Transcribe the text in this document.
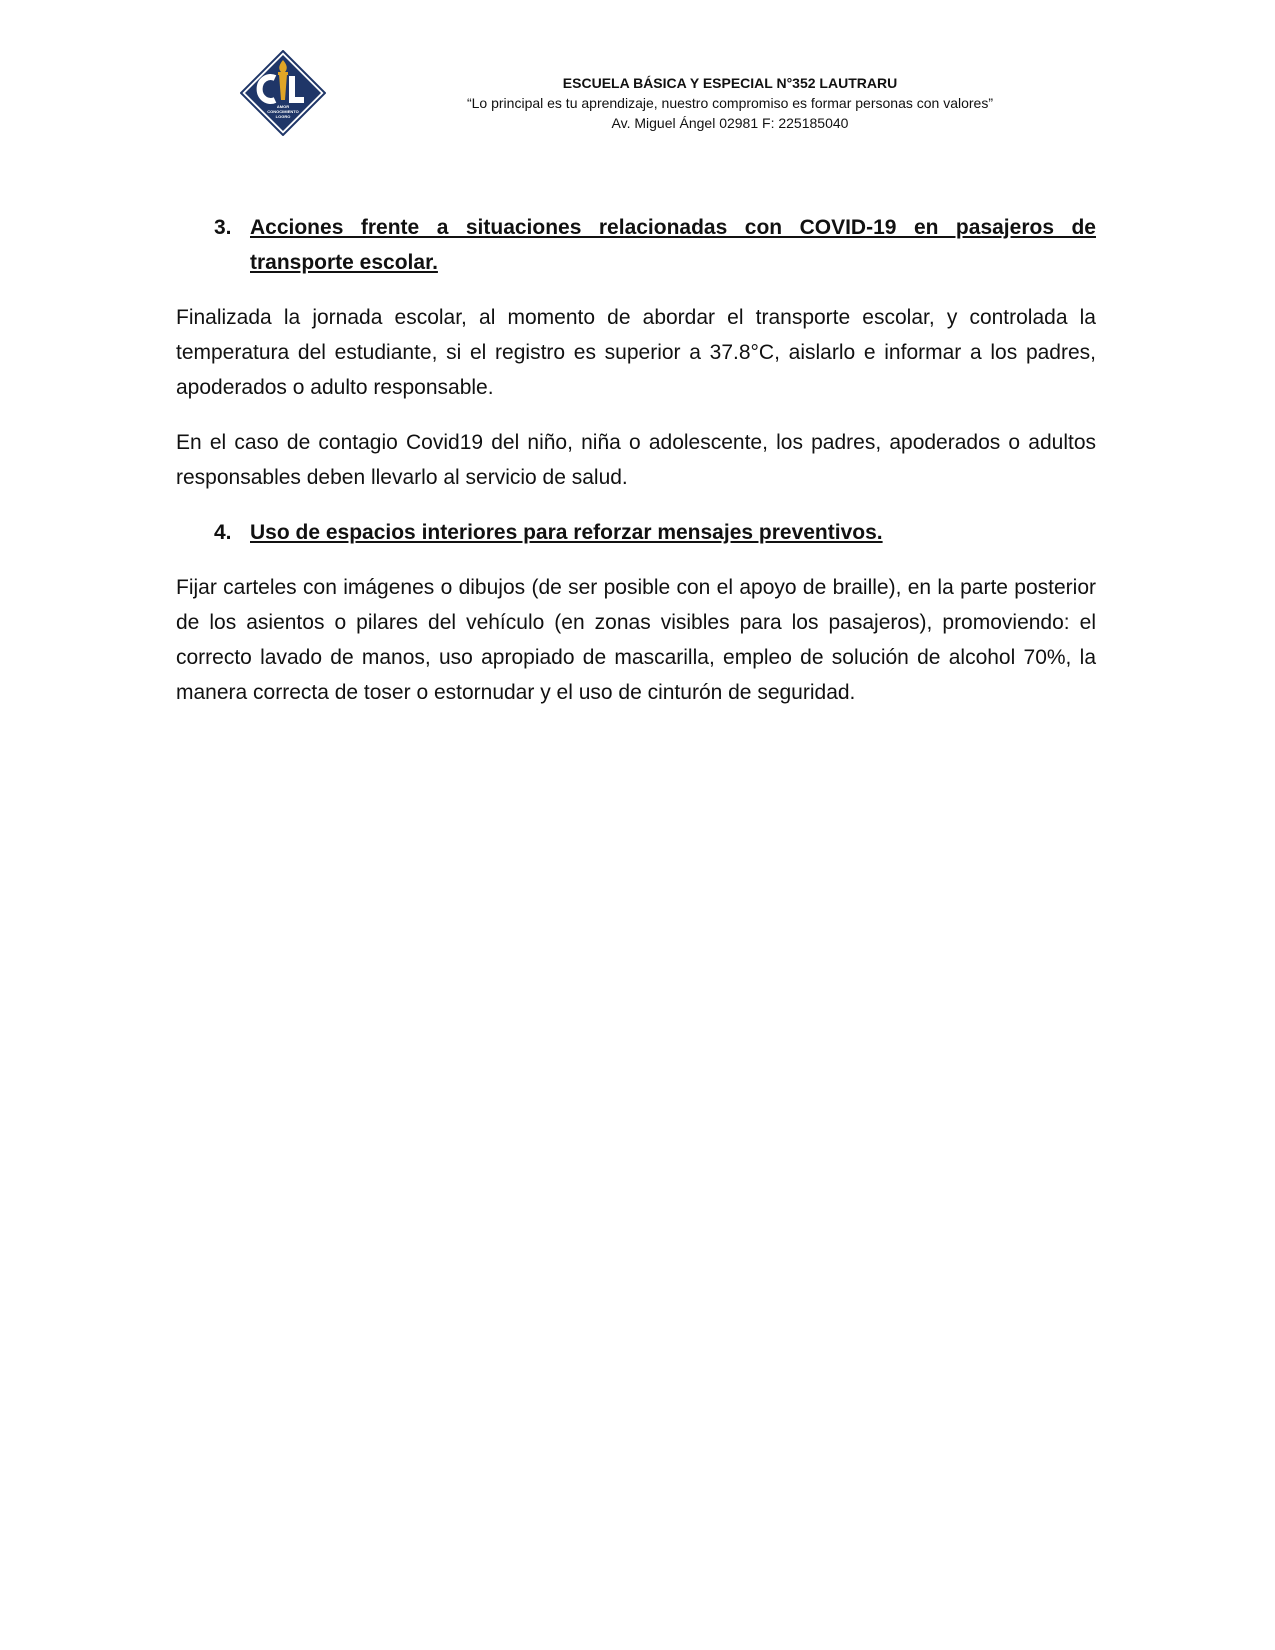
AMOR
CONOCIMIENTO
LOGRO
ESCUELA BÁSICA Y ESPECIAL N°352 LAUTRARU
“Lo principal es tu aprendizaje, nuestro compromiso es formar personas con valores”
Av. Miguel Ángel 02981 F: 225185040
3. Acciones frente a situaciones relacionadas con COVID-19 en pasajeros de transporte escolar.

Finalizada la jornada escolar, al momento de abordar el transporte escolar, y controlada la temperatura del estudiante, si el registro es superior a 37.8°C, aislarlo e informar a los padres, apoderados o adulto responsable.

En el caso de contagio Covid19 del niño, niña o adolescente, los padres, apoderados o adultos responsables deben llevarlo al servicio de salud.

4. Uso de espacios interiores para reforzar mensajes preventivos.

Fijar carteles con imágenes o dibujos (de ser posible con el apoyo de braille), en la parte posterior de los asientos o pilares del vehículo (en zonas visibles para los pasajeros), promoviendo: el correcto lavado de manos, uso apropiado de mascarilla, empleo de solución de alcohol 70%, la manera correcta de toser o estornudar y el uso de cinturón de seguridad.
